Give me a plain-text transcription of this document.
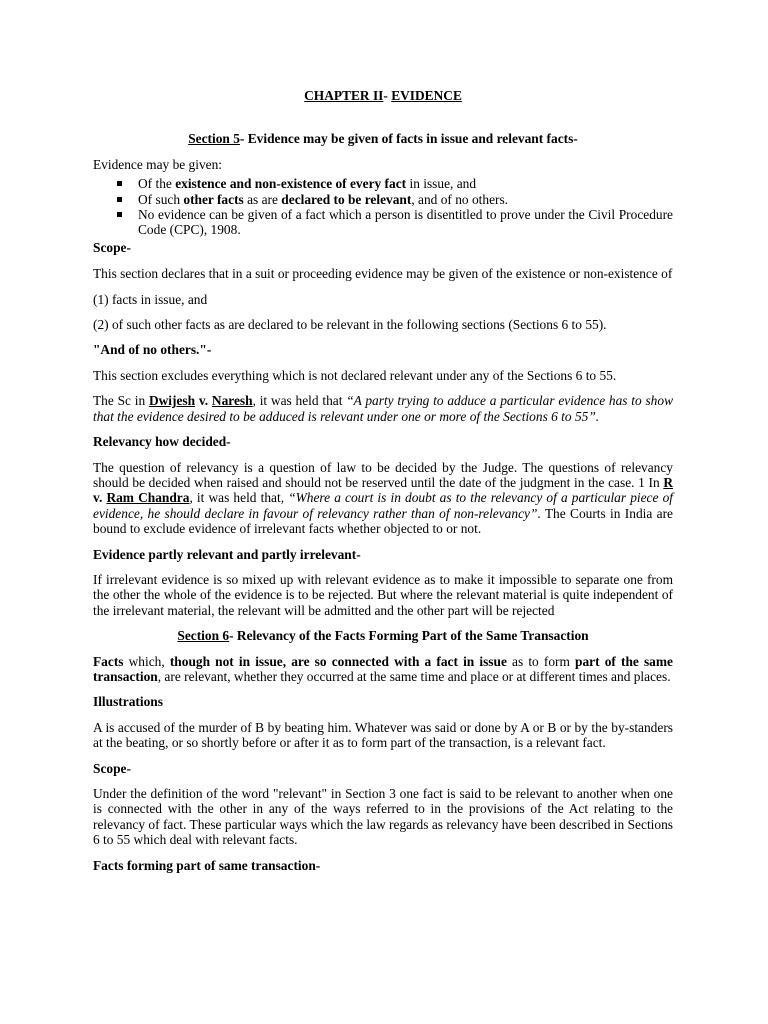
CHAPTER II- EVIDENCE

Section 5- Evidence may be given of facts in issue and relevant facts-

Evidence may be given:

Of the existence and non-existence of every fact in issue, and
Of such other facts as are declared to be relevant, and of no others.
No evidence can be given of a fact which a person is disentitled to prove under the Civil Procedure Code (CPC), 1908.

Scope-

This section declares that in a suit or proceeding evidence may be given of the existence or non-existence of

(1) facts in issue, and

(2) of such other facts as are declared to be relevant in the following sections (Sections 6 to 55).

"And of no others."-

This section excludes everything which is not declared relevant under any of the Sections 6 to 55.

The Sc in Dwijesh v. Naresh, it was held that “A party trying to adduce a particular evidence has to show that the evidence desired to be adduced is relevant under one or more of the Sections 6 to 55”.

Relevancy how decided-

The question of relevancy is a question of law to be decided by the Judge. The questions of relevancy should be decided when raised and should not be reserved until the date of the judgment in the case. 1 In R v. Ram Chandra, it was held that, “Where a court is in doubt as to the relevancy of a particular piece of evidence, he should declare in favour of relevancy rather than of non-relevancy”. The Courts in India are bound to exclude evidence of irrelevant facts whether objected to or not.

Evidence partly relevant and partly irrelevant-

If irrelevant evidence is so mixed up with relevant evidence as to make it impossible to separate one from the other the whole of the evidence is to be rejected. But where the relevant material is quite independent of the irrelevant material, the relevant will be admitted and the other part will be rejected

Section 6- Relevancy of the Facts Forming Part of the Same Transaction

Facts which, though not in issue, are so connected with a fact in issue as to form part of the same transaction, are relevant, whether they occurred at the same time and place or at different times and places.

Illustrations

A is accused of the murder of B by beating him. Whatever was said or done by A or B or by the by-standers at the beating, or so shortly before or after it as to form part of the transaction, is a relevant fact.

Scope-

Under the definition of the word "relevant" in Section 3 one fact is said to be relevant to another when one is connected with the other in any of the ways referred to in the provisions of the Act relating to the relevancy of fact. These particular ways which the law regards as relevancy have been described in Sections 6 to 55 which deal with relevant facts.

Facts forming part of same transaction-
